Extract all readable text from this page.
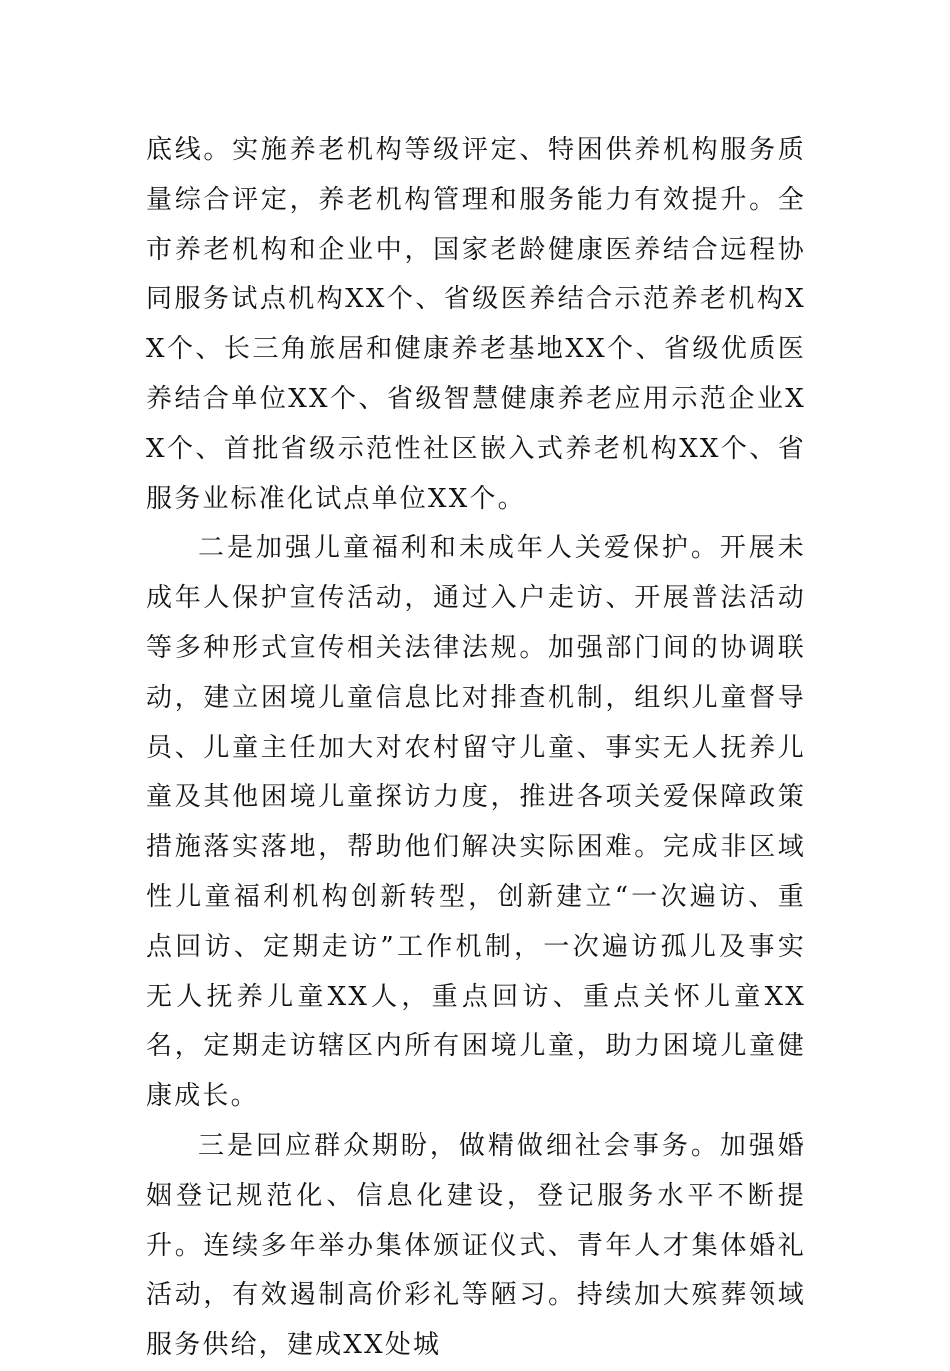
底线。实施养老机构等级评定、特困供养机构服务质量综合评定，养老机构管理和服务能力有效提升。全市养老机构和企业中，国家老龄健康医养结合远程协同服务试点机构XX个、省级医养结合示范养老机构XX个、长三角旅居和健康养老基地XX个、省级优质医养结合单位XX个、省级智慧健康养老应用示范企业XX个、首批省级示范性社区嵌入式养老机构XX个、省服务业标准化试点单位XX个。

二是加强儿童福利和未成年人关爱保护。开展未成年人保护宣传活动，通过入户走访、开展普法活动等多种形式宣传相关法律法规。加强部门间的协调联动，建立困境儿童信息比对排查机制，组织儿童督导员、儿童主任加大对农村留守儿童、事实无人抚养儿童及其他困境儿童探访力度，推进各项关爱保障政策措施落实落地，帮助他们解决实际困难。完成非区域性儿童福利机构创新转型，创新建立“一次遍访、重点回访、定期走访”工作机制，一次遍访孤儿及事实无人抚养儿童XX人，重点回访、重点关怀儿童XX名，定期走访辖区内所有困境儿童，助力困境儿童健康成长。

三是回应群众期盼，做精做细社会事务。加强婚姻登记规范化、信息化建设，登记服务水平不断提升。连续多年举办集体颁证仪式、青年人才集体婚礼活动，有效遏制高价彩礼等陋习。持续加大殡葬领域服务供给，建成XX处城
